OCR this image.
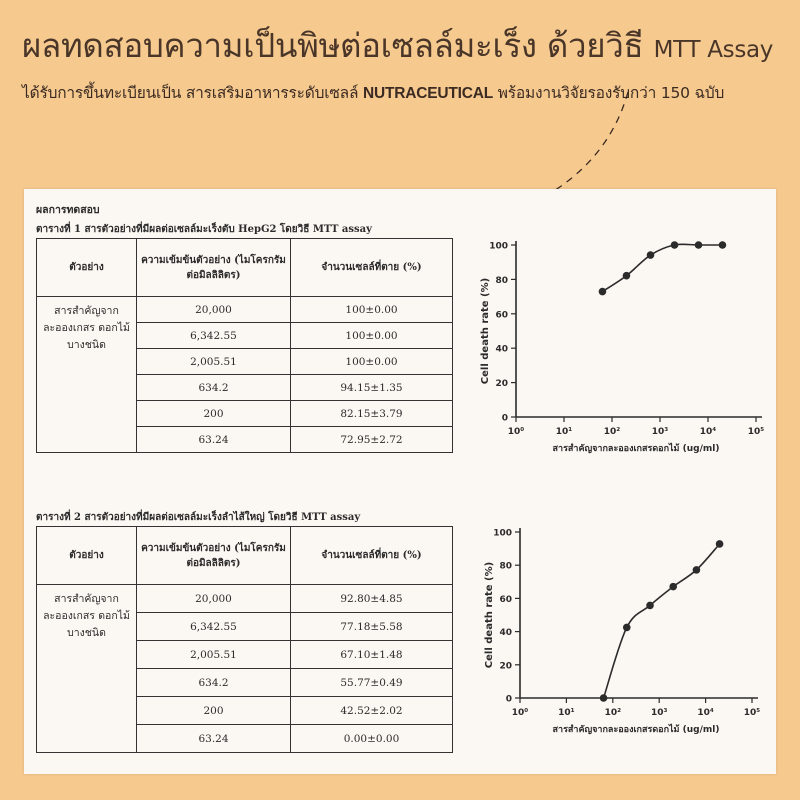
ผลทดสอบความเป็นพิษต่อเซลล์มะเร็ง ด้วยวิธี MTT Assay
ได้รับการขึ้นทะเบียนเป็น สารเสริมอาหารระดับเซลล์ NUTRACEUTICAL พร้อมงานวิจัยรองรับกว่า 150 ฉบับ
ผลการทดสอบ
ตารางที่ 1 สารตัวอย่างที่มีผลต่อเซลล์มะเร็งตับ HepG2 โดยวิธี MTT assay
ตัวอย่าง	ความเข้มข้นตัวอย่าง (ไมโครกรัมต่อมิลลิลิตร)	จำนวนเซลล์ที่ตาย (%)
สารสำคัญจาก ละอองเกสร ดอกไม้บางชนิด	20,000	100±0.00
	6,342.55	100±0.00
	2,005.51	100±0.00
	634.2	94.15±1.35
	200	82.15±3.79
	63.24	72.95±2.72
ตารางที่ 2 สารตัวอย่างที่มีผลต่อเซลล์มะเร็งลำไส้ใหญ่ โดยวิธี MTT assay
ตัวอย่าง	ความเข้มข้นตัวอย่าง (ไมโครกรัมต่อมิลลิลิตร)	จำนวนเซลล์ที่ตาย (%)
สารสำคัญจาก ละอองเกสร ดอกไม้บางชนิด	20,000	92.80±4.85
	6,342.55	77.18±5.58
	2,005.51	67.10±1.48
	634.2	55.77±0.49
	200	42.52±2.02
	63.24	0.00±0.00
0
20
40
60
80
100
10⁰	10¹	10²	10³	10⁴	10⁵
Cell death rate (%)
สารสำคัญจากละอองเกสรดอกไม้ (ug/ml)
0
20
40
60
80
100
10⁰	10¹	10²	10³	10⁴	10⁵
Cell death rate (%)
สารสำคัญจากละอองเกสรดอกไม้ (ug/ml)
